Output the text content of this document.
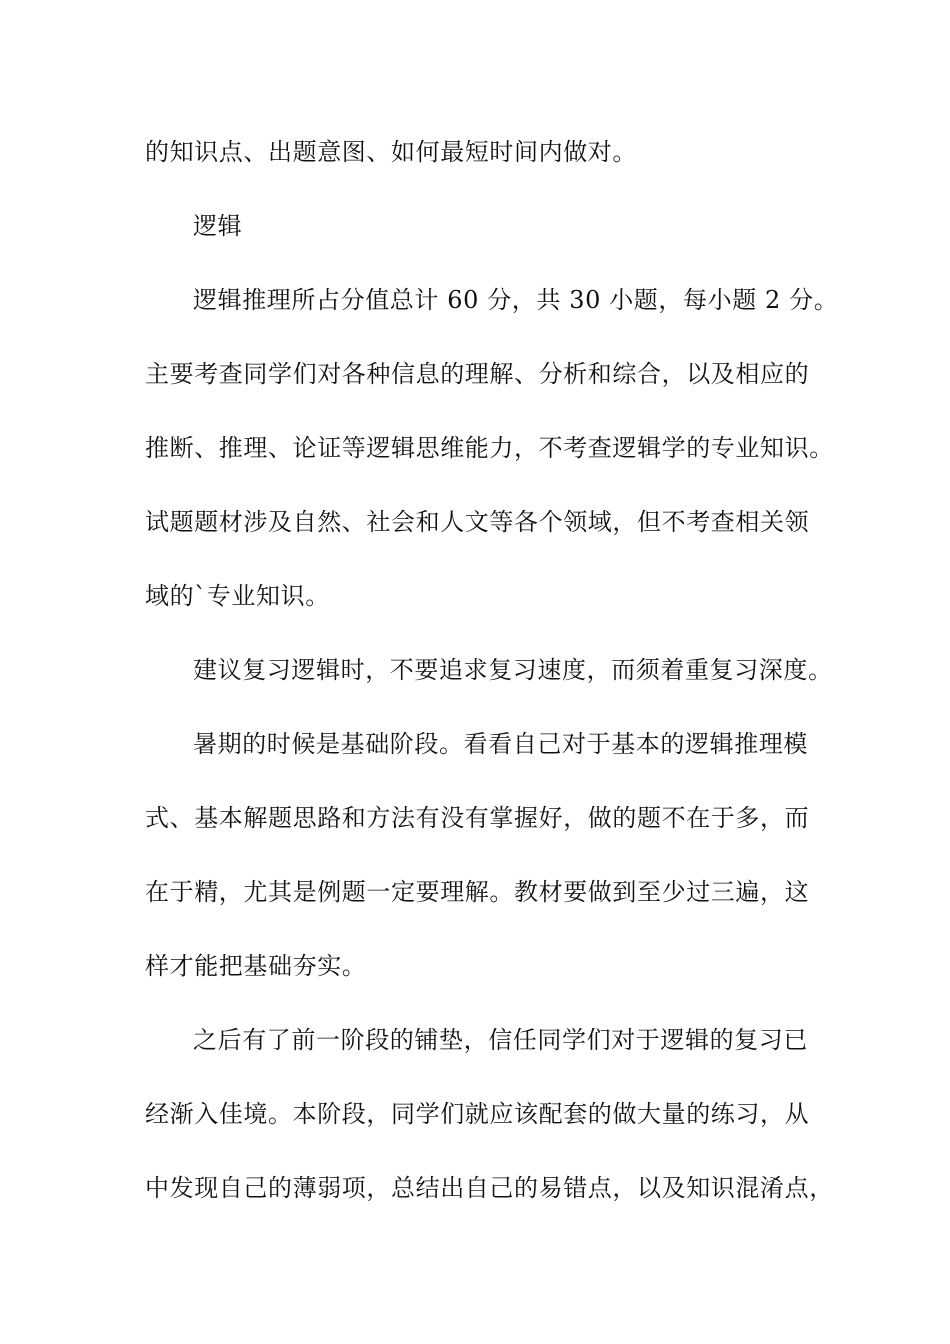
的知识点、出题意图、如何最短时间内做对。
逻辑
逻辑推理所占分值总计 60 分，共 30 小题，每小题 2 分。
主要考查同学们对各种信息的理解、分析和综合，以及相应的
推断、推理、论证等逻辑思维能力，不考查逻辑学的专业知识。
试题题材涉及自然、社会和人文等各个领域，但不考查相关领
域的`专业知识。
建议复习逻辑时，不要追求复习速度，而须着重复习深度。
暑期的时候是基础阶段。看看自己对于基本的逻辑推理模
式、基本解题思路和方法有没有掌握好，做的题不在于多，而
在于精，尤其是例题一定要理解。教材要做到至少过三遍，这
样才能把基础夯实。
之后有了前一阶段的铺垫，信任同学们对于逻辑的复习已
经渐入佳境。本阶段，同学们就应该配套的做大量的练习，从
中发现自己的薄弱项，总结出自己的易错点，以及知识混淆点，
